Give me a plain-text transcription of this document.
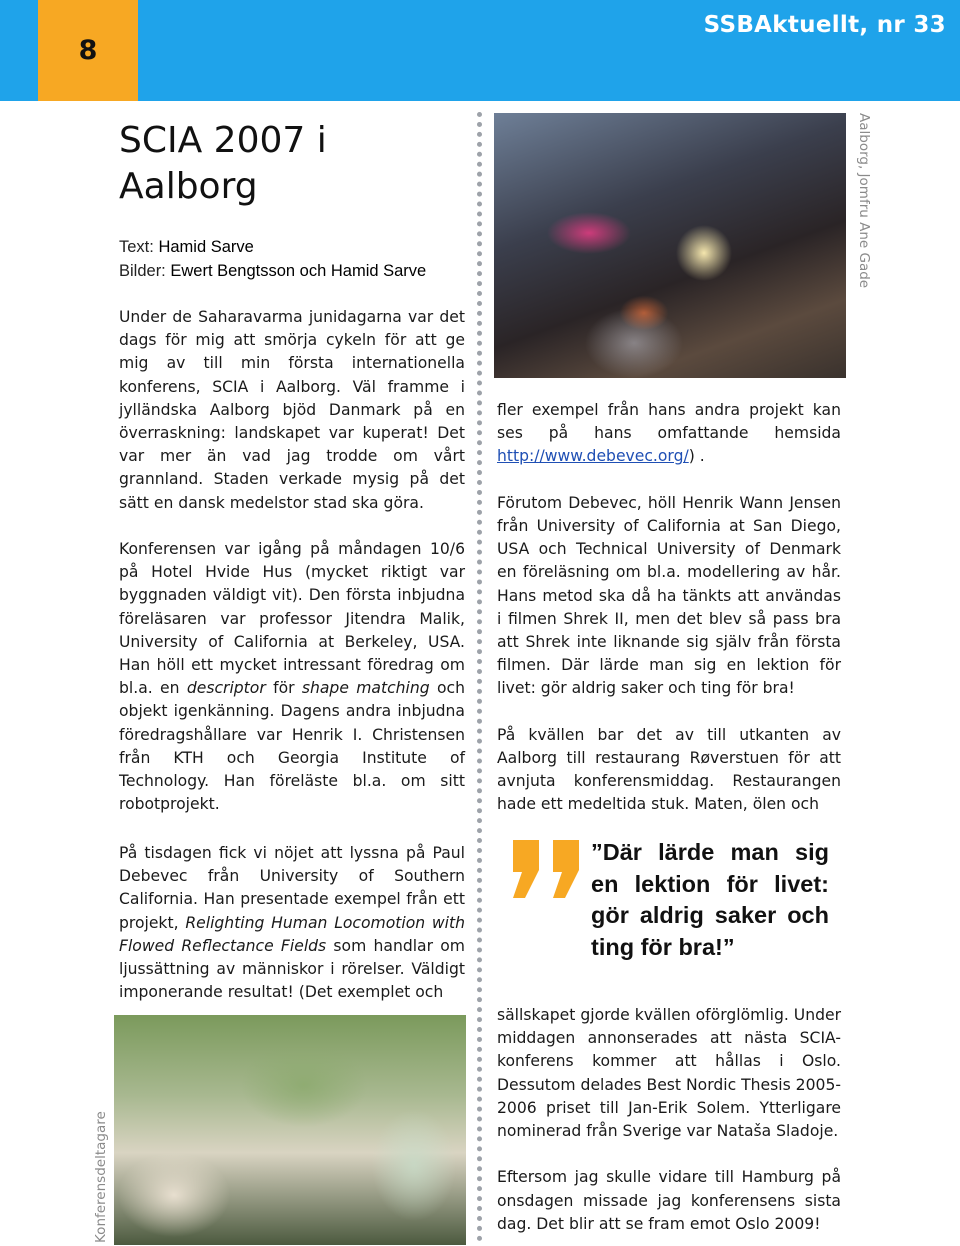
8
SSBAktuellt, nr 33
SCIA 2007 i Aalborg
Text: Hamid Sarve
Bilder: Ewert Bengtsson och Hamid Sarve

Under de Saharavarma junidagarna var det dags för mig att smörja cykeln för att ge mig av till min första internationella konferens, SCIA i Aalborg. Väl framme i jylländska Aalborg bjöd Danmark på en överraskning: landskapet var kuperat! Det var mer än vad jag trodde om vårt grannland. Staden verkade mysig på det sätt en dansk medelstor stad ska göra.

Konferensen var igång på måndagen 10/6 på Hotel Hvide Hus (mycket riktigt var byggnaden väldigt vit). Den första inbjudna föreläsaren var professor Jitendra Malik, University of California at Berkeley, USA. Han höll ett mycket intressant föredrag om bl.a. en descriptor för shape matching och objekt igenkänning. Dagens andra inbjudna föredragshållare var Henrik I. Christensen från KTH och Georgia Institute of Technology. Han föreläste bl.a. om sitt robotprojekt.

På tisdagen fick vi nöjet att lyssna på Paul Debevec från University of Southern California. Han presentade exempel från ett projekt, Relighting Human Locomotion with Flowed Reflectance Fields som handlar om ljussättning av människor i rörelser. Väldigt imponerande resultat! (Det exemplet och

Aalborg, Jomfru Ane Gade

fler exempel från hans andra projekt kan ses på hans omfattande hemsida http://www.debevec.org/) .

Förutom Debevec, höll Henrik Wann Jensen från University of California at San Diego, USA och Technical University of Denmark en föreläsning om bl.a. modellering av hår. Hans metod ska då ha tänkts att användas i filmen Shrek II, men det blev så pass bra att Shrek inte liknande sig själv från första filmen. Där lärde man sig en lektion för livet: gör aldrig saker och ting för bra!

På kvällen bar det av till utkanten av Aalborg till restaurang Røverstuen för att avnjuta konferensmiddag. Restaurangen hade ett medeltida stuk. Maten, ölen och

”Där lärde man sig en lektion för livet: gör aldrig saker och ting för bra!”

sällskapet gjorde kvällen oförglömlig. Under middagen annonserades att nästa SCIA-konferens kommer att hållas i Oslo. Dessutom delades Best Nordic Thesis 2005-2006 priset till Jan-Erik Solem. Ytterligare nominerad från Sverige var Nataša Sladoje.

Eftersom jag skulle vidare till Hamburg på onsdagen missade jag konferensens sista dag. Det blir att se fram emot Oslo 2009!

Konferensdeltagare
